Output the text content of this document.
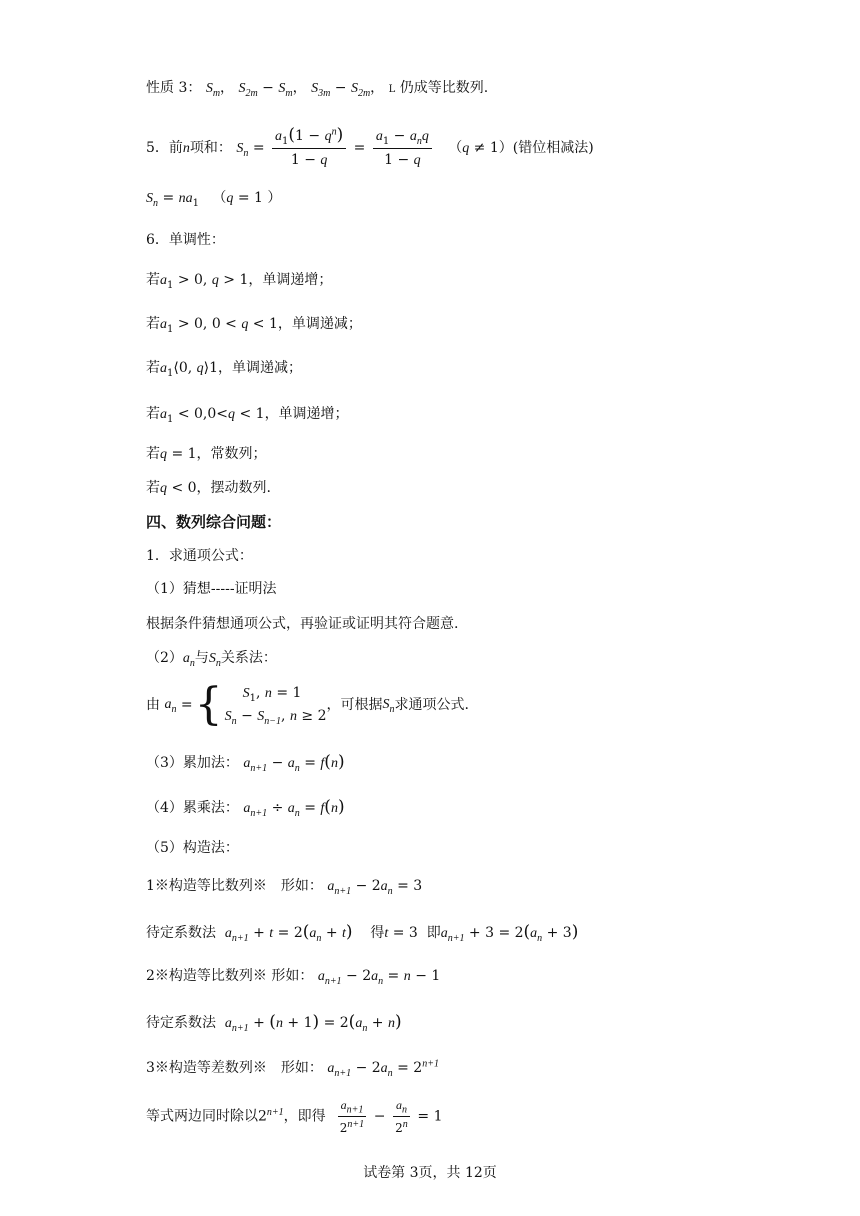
性质 3： $S_m$， $S_{2m} - S_m$， $S_{3m} - S_{2m}$， L 仍成等比数列.
5．前n项和： $S_n = \frac{a_1(1 - q^n)}{1 - q} = \frac{a_1 - a_nq}{1 - q} (q \ne 1)$(错位相减法)
$S_n = na_1$ （q = 1 ）
6．单调性：
若$a_1 > 0$, q > 1，单调递增；
若$a_1 > 0$, 0 < q < 1，单调递减；
若$a_1⟨0$, q⟩1，单调递减；
若$a_1 < 0,0<q < 1$，单调递增；
若q = 1，常数列；
若q < 0，摆动数列.
四、数列综合问题：
1．求通项公式：
（1）猜想-----证明法
根据条件猜想通项公式，再验证或证明其符合题意.
$(2)a_n$与$S_n$关系法：
由
$a_n$ = {	$S_1$, n = 1
$S_n - S_{n-1}$, n ≥ 2
，可根据 $S_n$ 求通项公式.
（3）累加法： $a_{n+1} - a_n = f(n)$
（4）累乘法： $a_{n+1} \div a_n = f(n)$
（5）构造法：
1※构造等比数列※　形如： $a_{n+1} - 2a_n = 3$
待定系数法 $a_{n+1} + t = 2(a_n + t)$ 得t = 3  即$a_{n+1} + 3 = 2(a_n + 3)$
2※构造等比数列※ 形如： $a_{n+1} - 2a_n = n - 1$
待定系数法 $a_{n+1} + (n + 1) = 2(a_n + n)$
3※构造等差数列※　形如： $a_{n+1} - 2a_n = 2^{n+1}$
等式两边同时除以$2^{n+1}$，即得 $\frac{a_{n+1}}{2^{n+1}} - \frac{a_n}{2^n} = 1$
试卷第 3页，共 12页
